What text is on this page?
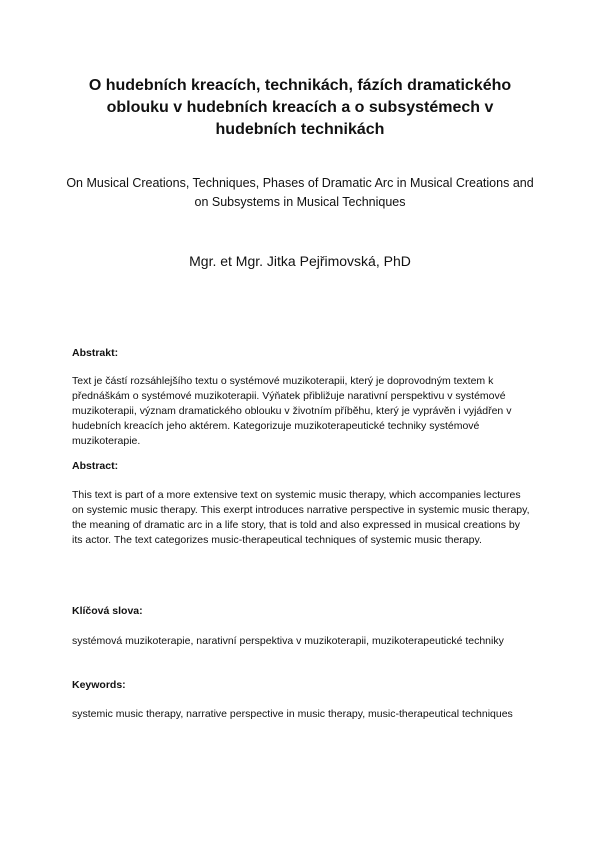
O hudebních kreacích, technikách, fázích dramatického oblouku v hudebních kreacích a o subsystémech v hudebních technikách

On Musical Creations, Techniques, Phases of Dramatic Arc in Musical Creations and on Subsystems in Musical Techniques

Mgr. et Mgr. Jitka Pejřimovská, PhD

Abstrakt:

Text je částí rozsáhlejšího textu o systémové muzikoterapii, který je doprovodným textem k přednáškám o systémové muzikoterapii. Výňatek přibližuje narativní perspektivu v systémové muzikoterapii, význam dramatického oblouku v životním příběhu, který je vyprávěn i vyjádřen v hudebních kreacích jeho aktérem. Kategorizuje muzikoterapeutické techniky systémové muzikoterapie.

Abstract:

This text is part of a more extensive text on systemic music therapy, which accompanies lectures on systemic music therapy. This exerpt introduces narrative perspective in systemic music therapy, the meaning of dramatic arc in a life story, that is told and also expressed in musical creations by its actor. The text categorizes music-therapeutical techniques of systemic music therapy.

Klíčová slova:

systémová muzikoterapie, narativní perspektiva v muzikoterapii, muzikoterapeutické techniky

Keywords:

systemic music therapy, narrative perspective in music therapy, music-therapeutical techniques
